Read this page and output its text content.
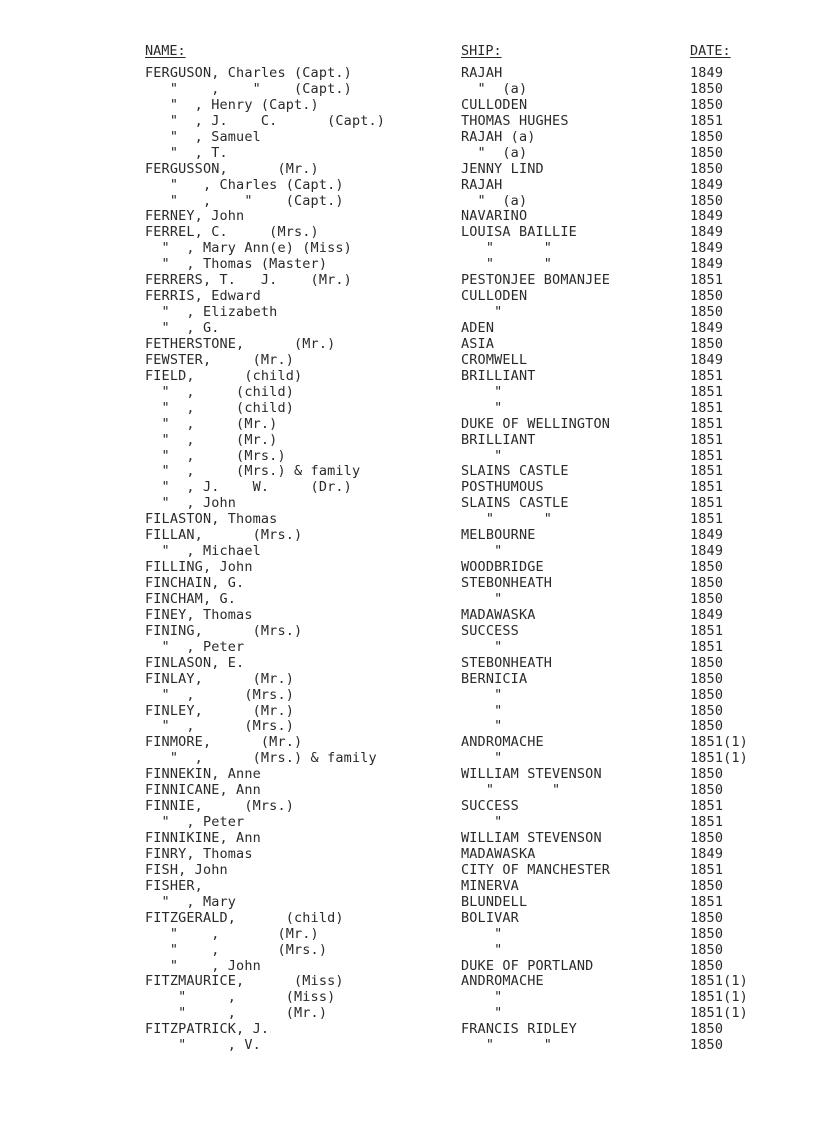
NAME:	SHIP:	DATE:
FERGUSON, Charles (Capt.)	RAJAH	1849
"    ,    "    (Capt.)	"  (a)	1850
"  , Henry (Capt.)	CULLODEN	1850
"  , J.    C.      (Capt.)	THOMAS HUGHES	1851
"  , Samuel	RAJAH (a)	1850
"  , T.	"  (a)	1850
FERGUSSON,      (Mr.)	JENNY LIND	1850
"   , Charles (Capt.)	RAJAH	1849
"   ,    "    (Capt.)	"  (a)	1850
FERNEY, John	NAVARINO	1849
FERREL, C.     (Mrs.)	LOUISA BAILLIE	1849
"  , Mary Ann(e) (Miss)	"      "	1849
"  , Thomas (Master)	"      "	1849
FERRERS, T.   J.    (Mr.)	PESTONJEE BOMANJEE	1851
FERRIS, Edward	CULLODEN	1850
"  , Elizabeth	"	1850
"  , G.	ADEN	1849
FETHERSTONE,      (Mr.)	ASIA	1850
FEWSTER,     (Mr.)	CROMWELL	1849
FIELD,      (child)	BRILLIANT	1851
"  ,     (child)	"	1851
"  ,     (child)	"	1851
"  ,     (Mr.)	DUKE OF WELLINGTON	1851
"  ,     (Mr.)	BRILLIANT	1851
"  ,     (Mrs.)	"	1851
"  ,     (Mrs.) & family	SLAINS CASTLE	1851
"  , J.    W.     (Dr.)	POSTHUMOUS	1851
"  , John	SLAINS CASTLE	1851
FILASTON, Thomas	"      "	1851
FILLAN,      (Mrs.)	MELBOURNE	1849
"  , Michael	"	1849
FILLING, John	WOODBRIDGE	1850
FINCHAIN, G.	STEBONHEATH	1850
FINCHAM, G.	"	1850
FINEY, Thomas	MADAWASKA	1849
FINING,      (Mrs.)	SUCCESS	1851
"  , Peter	"	1851
FINLASON, E.	STEBONHEATH	1850
FINLAY,      (Mr.)	BERNICIA	1850
"  ,      (Mrs.)	"	1850
FINLEY,      (Mr.)	"	1850
"  ,      (Mrs.)	"	1850
FINMORE,      (Mr.)	ANDROMACHE	1851(1)
"  ,      (Mrs.) & family	"	1851(1)
FINNEKIN, Anne	WILLIAM STEVENSON	1850
FINNICANE, Ann	"       "	1850
FINNIE,     (Mrs.)	SUCCESS	1851
"  , Peter	"	1851
FINNIKINE, Ann	WILLIAM STEVENSON	1850
FINRY, Thomas	MADAWASKA	1849
FISH, John	CITY OF MANCHESTER	1851
FISHER,	MINERVA	1850
"  , Mary	BLUNDELL	1851
FITZGERALD,      (child)	BOLIVAR	1850
"    ,       (Mr.)	"	1850
"    ,       (Mrs.)	"	1850
"    , John	DUKE OF PORTLAND	1850
FITZMAURICE,      (Miss)	ANDROMACHE	1851(1)
"     ,      (Miss)	"	1851(1)
"     ,      (Mr.)	"	1851(1)
FITZPATRICK, J.	FRANCIS RIDLEY	1850
"     , V.	"      "	1850
